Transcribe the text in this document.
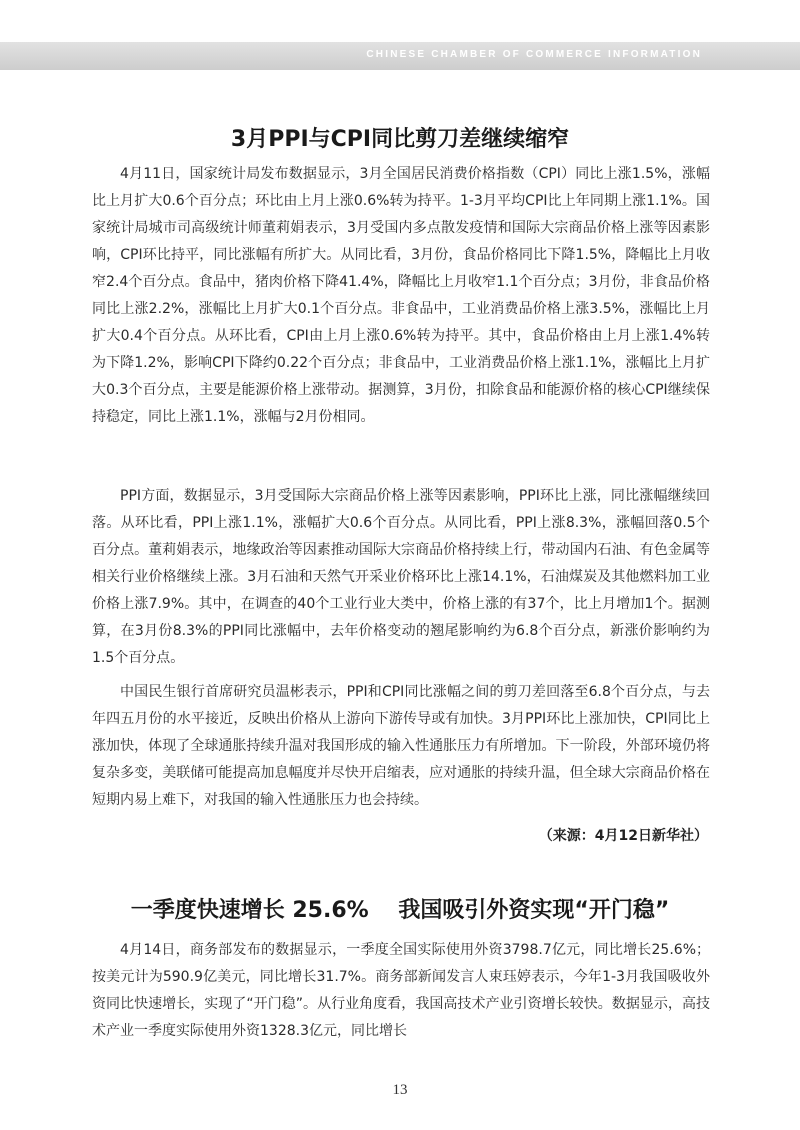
CHINESE CHAMBER OF COMMERCE INFORMATION
3月PPI与CPI同比剪刀差继续缩窄

4月11日，国家统计局发布数据显示，3月全国居民消费价格指数（CPI）同比上涨1.5%，涨幅比上月扩大0.6个百分点；环比由上月上涨0.6%转为持平。1-3月平均CPI比上年同期上涨1.1%。国家统计局城市司高级统计师董莉娟表示，3月受国内多点散发疫情和国际大宗商品价格上涨等因素影响，CPI环比持平，同比涨幅有所扩大。从同比看，3月份，食品价格同比下降1.5%，降幅比上月收窄2.4个百分点。食品中，猪肉价格下降41.4%，降幅比上月收窄1.1个百分点；3月份，非食品价格同比上涨2.2%，涨幅比上月扩大0.1个百分点。非食品中，工业消费品价格上涨3.5%，涨幅比上月扩大0.4个百分点。从环比看，CPI由上月上涨0.6%转为持平。其中，食品价格由上月上涨1.4%转为下降1.2%，影响CPI下降约0.22个百分点；非食品中，工业消费品价格上涨1.1%，涨幅比上月扩大0.3个百分点，主要是能源价格上涨带动。据测算，3月份，扣除食品和能源价格的核心CPI继续保持稳定，同比上涨1.1%，涨幅与2月份相同。

PPI方面，数据显示，3月受国际大宗商品价格上涨等因素影响，PPI环比上涨，同比涨幅继续回落。从环比看，PPI上涨1.1%，涨幅扩大0.6个百分点。从同比看，PPI上涨8.3%，涨幅回落0.5个百分点。董莉娟表示，地缘政治等因素推动国际大宗商品价格持续上行，带动国内石油、有色金属等相关行业价格继续上涨。3月石油和天然气开采业价格环比上涨14.1%，石油煤炭及其他燃料加工业价格上涨7.9%。其中，在调查的40个工业行业大类中，价格上涨的有37个，比上月增加1个。据测算，在3月份8.3%的PPI同比涨幅中，去年价格变动的翘尾影响约为6.8个百分点，新涨价影响约为1.5个百分点。

中国民生银行首席研究员温彬表示，PPI和CPI同比涨幅之间的剪刀差回落至6.8个百分点，与去年四五月份的水平接近，反映出价格从上游向下游传导或有加快。3月PPI环比上涨加快，CPI同比上涨加快，体现了全球通胀持续升温对我国形成的输入性通胀压力有所增加。下一阶段，外部环境仍将复杂多变，美联储可能提高加息幅度并尽快开启缩表，应对通胀的持续升温，但全球大宗商品价格在短期内易上难下，对我国的输入性通胀压力也会持续。

（来源：4月12日新华社）

一季度快速增长 25.6%　 我国吸引外资实现“开门稳”

4月14日，商务部发布的数据显示，一季度全国实际使用外资3798.7亿元，同比增长25.6%；按美元计为590.9亿美元，同比增长31.7%。商务部新闻发言人束珏婷表示，今年1-3月我国吸收外资同比快速增长，实现了“开门稳”。从行业角度看，我国高技术产业引资增长较快。数据显示，高技术产业一季度实际使用外资1328.3亿元，同比增长

13
